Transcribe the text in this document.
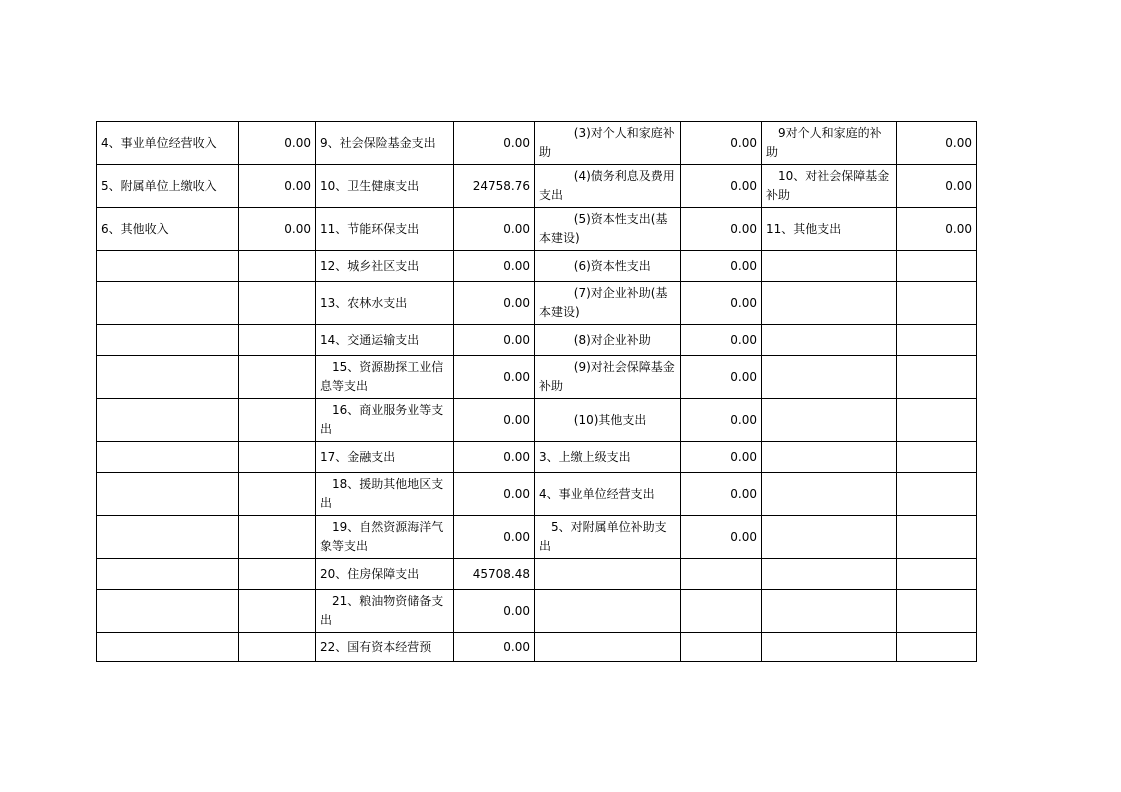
4、事业单位经营收入	0.00	9、社会保险基金支出	0.00	(3)对个人和家庭补助	0.00	9对个人和家庭的补助	0.00
5、附属单位上缴收入	0.00	10、卫生健康支出	24758.76	(4)债务利息及费用支出	0.00	10、对社会保障基金补助	0.00
6、其他收入	0.00	11、节能环保支出	0.00	(5)资本性支出(基本建设)	0.00	11、其他支出	0.00
		12、城乡社区支出	0.00	(6)资本性支出	0.00		
		13、农林水支出	0.00	(7)对企业补助(基本建设)	0.00		
		14、交通运输支出	0.00	(8)对企业补助	0.00		

		15、资源勘探工业信息等支出	0.00	(9)对社会保障基金补助	0.00		

		16、商业服务业等支出	0.00	(10)其他支出	0.00		
		17、金融支出	0.00	3、上缴上级支出	0.00		

		18、援助其他地区支出	0.00	4、事业单位经营支出	0.00		

		19、自然资源海洋气象等支出	0.00	5、对附属单位补助支出	0.00		
		20、住房保障支出	45708.48				

		21、粮油物资储备支出	0.00				
		22、国有资本经营预	0.00				
